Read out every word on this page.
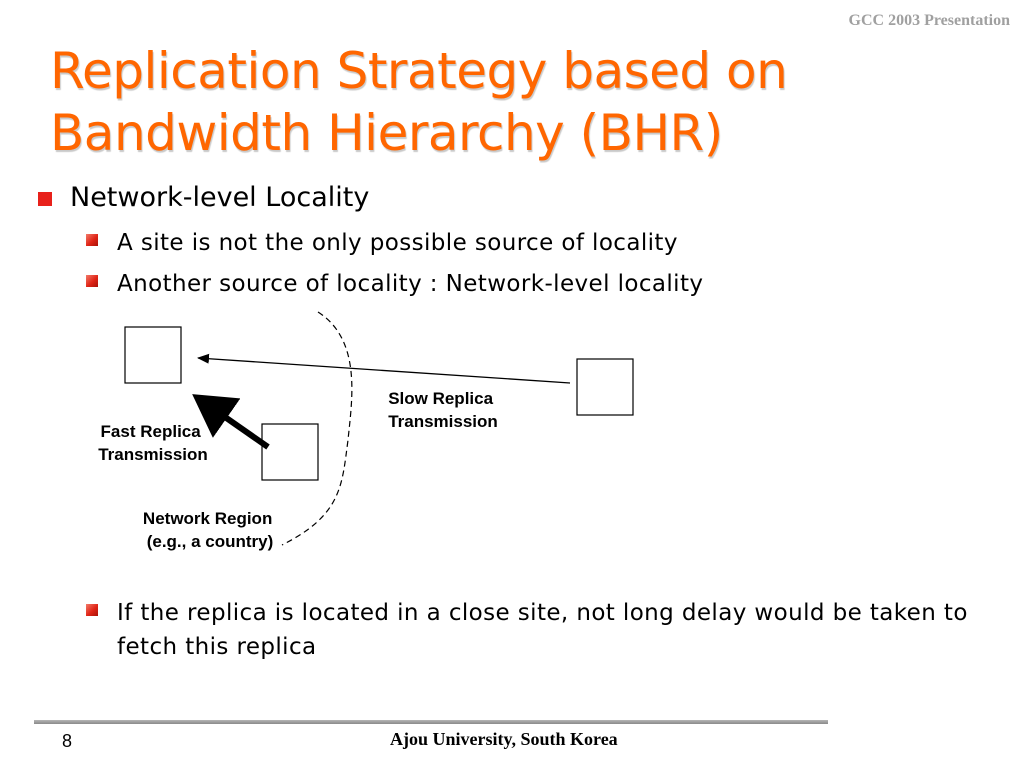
GCC 2003 Presentation
Replication Strategy based on
Bandwidth Hierarchy (BHR)
Network-level Locality
A site is not the only possible source of locality
Another source of locality : Network-level locality
Slow Replica Transmission
Fast Replica Transmission
Network Region (e.g., a country)
If the replica is located in a close site, not long delay would be taken to fetch this replica
8	Ajou University, South Korea
